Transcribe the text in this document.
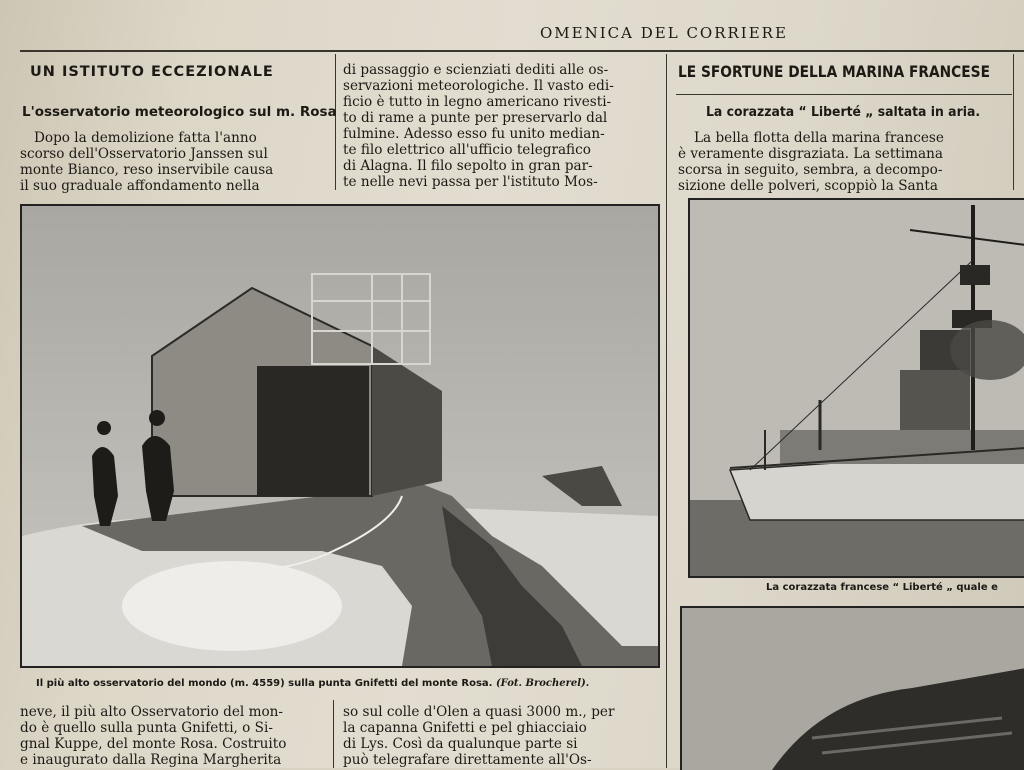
OMENICA DEL CORRIERE
UN ISTITUTO ECCEZIONALE
L'osservatorio meteorologico sul m. Rosa
Dopo la demolizione fatta l'anno
scorso dell'Osservatorio Janssen sul
monte Bianco, reso inservibile causa
il suo graduale affondamento nella
di passaggio e scienziati dediti alle os-
servazioni meteorologiche. Il vasto edi-
ficio è tutto in legno americano rivesti-
to di rame a punte per preservarlo dal
fulmine. Adesso esso fu unito median-
te filo elettrico all'ufficio telegrafico
di Alagna. Il filo sepolto in gran par-
te nelle nevi passa per l'istituto Mos-
Il più alto osservatorio del mondo (m. 4559) sulla punta Gnifetti del monte Rosa. (Fot. Brocherel).
neve, il più alto Osservatorio del mon-
do è quello sulla punta Gnifetti, o Si-
gnal Kuppe, del monte Rosa. Costruito
e inaugurato dalla Regina Margherita
so sul colle d'Olen a quasi 3000 m., per
la capanna Gnifetti e pel ghiacciaio
di Lys. Così da qualunque parte si
può telegrafare direttamente all'Os-
LE SFORTUNE DELLA MARINA FRANCESE
La corazzata “ Liberté „ saltata in aria.
La bella flotta della marina francese
è veramente disgraziata. La settimana
scorsa in seguito, sembra, a decompo-
sizione delle polveri, scoppiò la Santa
La corazzata francese “ Liberté „ quale e
